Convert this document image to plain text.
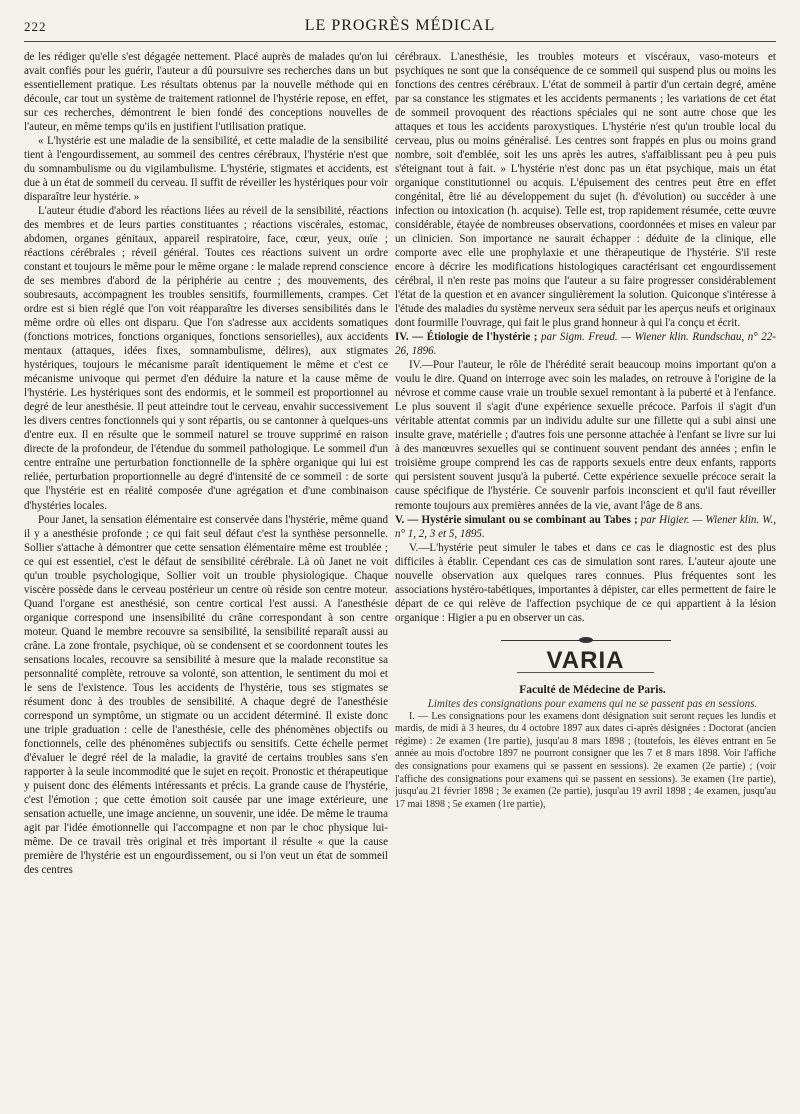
222	LE PROGRÈS MÉDICAL

de les rédiger qu'elle s'est dégagée nettement. Placé auprès de malades qu'on lui avait confiés pour les guérir, l'auteur a dû poursuivre ses recherches dans un but essentiellement pratique. Les résultats obtenus par la nouvelle méthode qui en découle, car tout un système de traitement rationnel de l'hystérie repose, en effet, sur ces recherches, démontrent le bien fondé des conceptions nouvelles de l'auteur, en même temps qu'ils en justifient l'utilisation pratique.

« L'hystérie est une maladie de la sensibilité, et cette maladie de la sensibilité tient à l'engourdissement, au sommeil des centres cérébraux, l'hystérie n'est que du somnambulisme ou du vigilambulisme. L'hystérie, stigmates et accidents, est due à un état de sommeil du cerveau. Il suffit de réveiller les hystériques pour voir disparaître leur hystérie. »

L'auteur étudie d'abord les réactions liées au réveil de la sensibilité, réactions des membres et de leurs parties constituantes ; réactions viscérales, estomac, abdomen, organes génitaux, appareil respiratoire, face, cœur, yeux, ouïe ; réactions cérébrales ; réveil général. Toutes ces réactions suivent un ordre constant et toujours le même pour le même organe : le malade reprend conscience de ses membres d'abord de la périphérie au centre ; des mouvements, des soubresauts, accompagnent les troubles sensitifs, fourmillements, crampes. Cet ordre est si bien réglé que l'on voit réapparaître les diverses sensibilités dans le même ordre où elles ont disparu. Que l'on s'adresse aux accidents somatiques (fonctions motrices, fonctions organiques, fonctions sensorielles), aux accidents mentaux (attaques, idées fixes, somnambulisme, délires), aux stigmates hystériques, toujours le mécanisme paraît identiquement le même et c'est ce mécanisme univoque qui permet d'en déduire la nature et la cause même de l'hystérie. Les hystériques sont des endormis, et le sommeil est proportionnel au degré de leur anesthésie. Il peut atteindre tout le cerveau, envahir successivement les divers centres fonctionnels qui y sont répartis, ou se cantonner à quelques-uns d'entre eux. Il en résulte que le sommeil naturel se trouve supprimé en raison directe de la profondeur, de l'étendue du sommeil pathologique. Le sommeil d'un centre entraîne une perturbation fonctionnelle de la sphère organique qui lui est reliée, perturbation proportionnelle au degré d'intensité de ce sommeil : de sorte que l'hystérie est en réalité composée d'une agrégation et d'une combinaison d'hystéries locales.

Pour Janet, la sensation élémentaire est conservée dans l'hystérie, même quand il y a anesthésie profonde ; ce qui fait seul défaut c'est la synthèse personnelle. Sollier s'attache à démontrer que cette sensation élémentaire même est troublée ; ce qui est essentiel, c'est le défaut de sensibilité cérébrale. Là où Janet ne voit qu'un trouble psychologique, Sollier voit un trouble physiologique. Chaque viscère possède dans le cerveau postérieur un centre où réside son centre moteur. Quand l'organe est anesthésié, son centre cortical l'est aussi. A l'anesthésie organique correspond une insensibilité du crâne correspondant à son centre moteur. Quand le membre recouvre sa sensibilité, la sensibilité reparaît aussi au crâne. La zone frontale, psychique, où se condensent et se coordonnent toutes les sensations locales, recouvre sa sensibilité à mesure que la malade reconstitue sa personnalité complète, retrouve sa volonté, son attention, le sentiment du moi et le sens de l'existence. Tous les accidents de l'hystérie, tous ses stigmates se résument donc à des troubles de sensibilité. A chaque degré de l'anesthésie correspond un symptôme, un stigmate ou un accident déterminé. Il existe donc une triple graduation : celle de l'anesthésie, celle des phénomènes objectifs ou fonctionnels, celle des phénomènes subjectifs ou sensitifs. Cette échelle permet d'évaluer le degré réel de la maladie, la gravité de certains troubles sans s'en rapporter à la seule incommodité que le sujet en reçoit. Pronostic et thérapeutique y puisent donc des éléments intéressants et précis. La grande cause de l'hystérie, c'est l'émotion ; que cette émotion soit causée par une image extérieure, une sensation actuelle, une image ancienne, un souvenir, une idée. De même le trauma agit par l'idée émotionnelle qui l'accompagne et non par le choc physique lui-même. De ce travail très original et très important il résulte « que la cause première de l'hystérie est un engourdissement, ou si l'on veut un état de sommeil des centres

cérébraux. L'anesthésie, les troubles moteurs et viscéraux, vaso-moteurs et psychiques ne sont que la conséquence de ce sommeil qui suspend plus ou moins les fonctions des centres cérébraux. L'état de sommeil à partir d'un certain degré, amène par sa constance les stigmates et les accidents permanents ; les variations de cet état de sommeil provoquent des réactions spéciales qui ne sont autre chose que les attaques et tous les accidents paroxystiques. L'hystérie n'est qu'un trouble local du cerveau, plus ou moins généralisé. Les centres sont frappés en plus ou moins grand nombre, soit d'emblée, soit les uns après les autres, s'affaiblissant peu à peu puis s'éteignant tout à fait. » L'hystérie n'est donc pas un état psychique, mais un état organique constitutionnel ou acquis. L'épuisement des centres peut être en effet congénital, être lié au développement du sujet (h. d'évolution) ou succéder à une infection ou intoxication (h. acquise). Telle est, trop rapidement résumée, cette œuvre considérable, étayée de nombreuses observations, coordonnées et mises en valeur par un clinicien. Son importance ne saurait échapper : déduite de la clinique, elle comporte avec elle une prophylaxie et une thérapeutique de l'hystérie. S'il reste encore à décrire les modifications histologiques caractérisant cet engourdissement cérébral, il n'en reste pas moins que l'auteur a su faire progresser considérablement l'état de la question et en avancer singulièrement la solution. Quiconque s'intéresse à l'étude des maladies du système nerveux sera séduit par les aperçus neufs et originaux dont fourmille l'ouvrage, qui fait le plus grand honneur à qui l'a conçu et écrit.

IV. — Étiologie de l'hystérie ; par Sigm. Freud. — Wiener klin. Rundschau, n° 22-26, 1896.

IV.—Pour l'auteur, le rôle de l'hérédité serait beaucoup moins important qu'on a voulu le dire. Quand on interroge avec soin les malades, on retrouve à l'origine de la névrose et comme cause vraie un trouble sexuel remontant à la puberté et à l'enfance. Le plus souvent il s'agit d'une expérience sexuelle précoce. Parfois il s'agit d'un véritable attentat commis par un individu adulte sur une fillette qui a subi ainsi une insulte grave, matérielle ; d'autres fois une personne attachée à l'enfant se livre sur lui à des manœuvres sexuelles qui se continuent souvent pendant des années ; enfin le troisième groupe comprend les cas de rapports sexuels entre deux enfants, rapports qui persistent souvent jusqu'à la puberté. Cette expérience sexuelle précoce serait la cause spécifique de l'hystérie. Ce souvenir parfois inconscient et qu'il faut réveiller remonte toujours aux premières années de la vie, avant l'âge de 8 ans.

V. — Hystérie simulant ou se combinant au Tabes ; par Higier. — Wiener klin. W., n° 1, 2, 3 et 5, 1895.

V.—L'hystérie peut simuler le tabes et dans ce cas le diagnostic est des plus difficiles à établir. Cependant ces cas de simulation sont rares. L'auteur ajoute une nouvelle observation aux quelques rares connues. Plus fréquentes sont les associations hystéro-tabétiques, importantes à dépister, car elles permettent de faire le départ de ce qui relève de l'affection psychique de ce qui appartient à la lésion organique : Higier a pu en observer un cas.

VARIA

Faculté de Médecine de Paris.

Limites des consignations pour examens qui ne se passent pas en sessions.

I. — Les consignations pour les examens dont désignation suit seront reçues les lundis et mardis, de midi à 3 heures, du 4 octobre 1897 aux dates ci-après désignées : Doctorat (ancien régime) : 2e examen (1re partie), jusqu'au 8 mars 1898 ; (toutefois, les élèves entrant en 5e année au mois d'octobre 1897 ne pourront consigner que les 7 et 8 mars 1898. Voir l'affiche des consignations pour examens qui se passent en sessions). 2e examen (2e partie) ; (voir l'affiche des consignations pour examens qui se passent en sessions). 3e examen (1re partie), jusqu'au 21 février 1898 ; 3e examen (2e partie), jusqu'au 19 avril 1898 ; 4e examen, jusqu'au 17 mai 1898 ; 5e examen (1re partie),
